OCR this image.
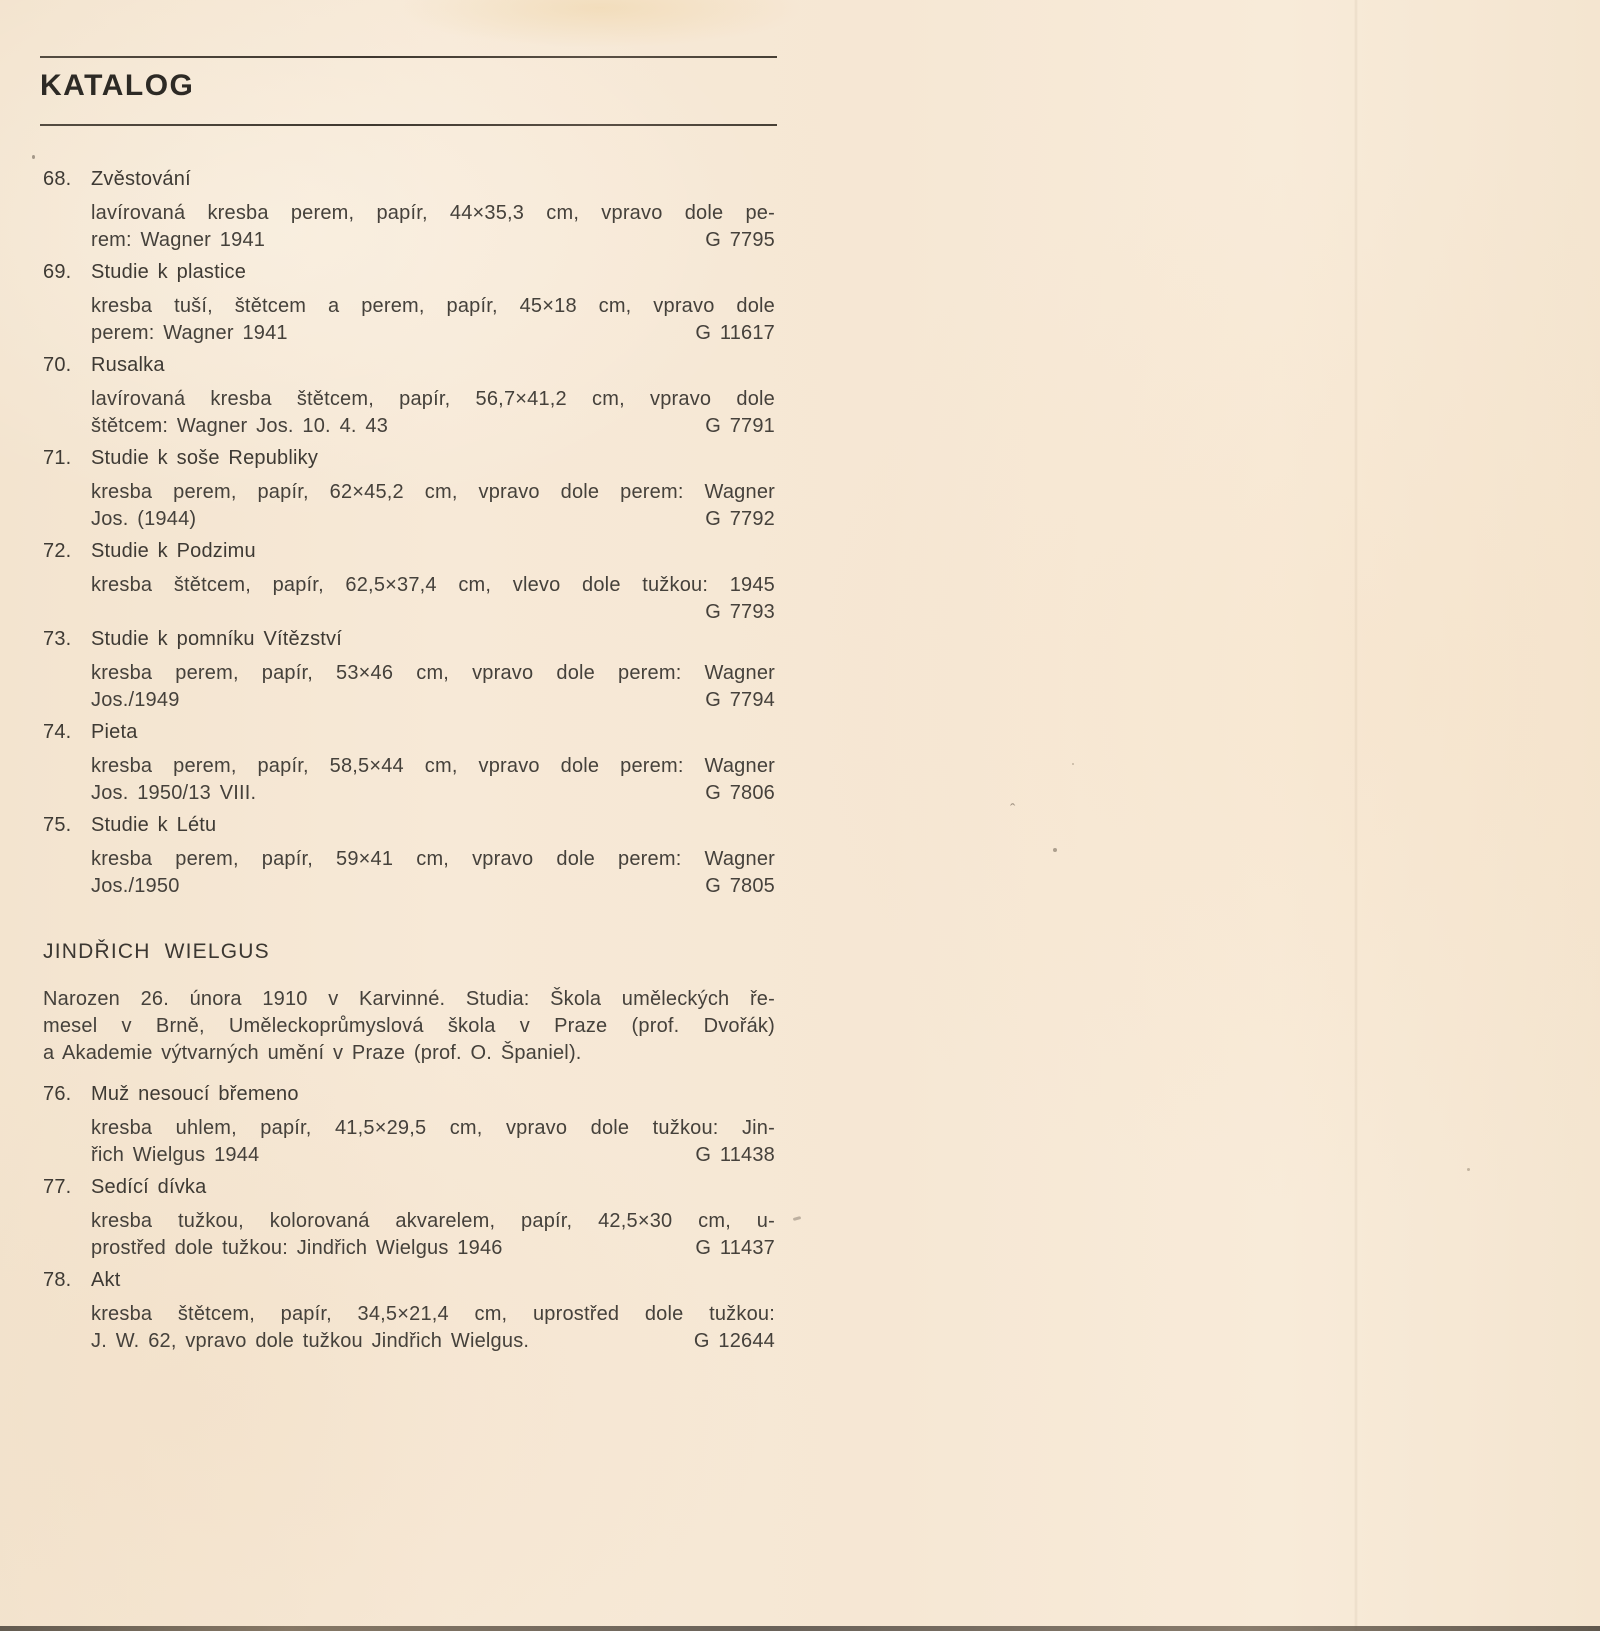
KATALOG
68. Zvěstování
lavírovaná kresba perem, papír, 44×35,3 cm, vpravo dole pe-
rem: Wagner 1941	G 7795
69. Studie k plastice
kresba tuší, štětcem a perem, papír, 45×18 cm, vpravo dole
perem: Wagner 1941	G 11617
70. Rusalka
lavírovaná kresba štětcem, papír, 56,7×41,2 cm, vpravo dole
štětcem: Wagner Jos. 10. 4. 43	G 7791
71. Studie k soše Republiky
kresba perem, papír, 62×45,2 cm, vpravo dole perem: Wagner
Jos. (1944)	G 7792
72. Studie k Podzimu
kresba štětcem, papír, 62,5×37,4 cm, vlevo dole tužkou: 1945
G 7793
73. Studie k pomníku Vítězství
kresba perem, papír, 53×46 cm, vpravo dole perem: Wagner
Jos./1949	G 7794
74. Pieta
kresba perem, papír, 58,5×44 cm, vpravo dole perem: Wagner
Jos. 1950/13 VIII.	G 7806
75. Studie k Létu
kresba perem, papír, 59×41 cm, vpravo dole perem: Wagner
Jos./1950	G 7805
JINDŘICH WIELGUS

Narozen 26. února 1910 v Karvinné. Studia: Škola uměleckých ře-
mesel v Brně, Uměleckoprůmyslová škola v Praze (prof. Dvořák)
a Akademie výtvarných umění v Praze (prof. O. Španiel).

76. Muž nesoucí břemeno
kresba uhlem, papír, 41,5×29,5 cm, vpravo dole tužkou: Jin-
řich Wielgus 1944	G 11438
77. Sedící dívka
kresba tužkou, kolorovaná akvarelem, papír, 42,5×30 cm, u-
prostřed dole tužkou: Jindřich Wielgus 1946	G 11437
78. Akt
kresba štětcem, papír, 34,5×21,4 cm, uprostřed dole tužkou:
J. W. 62, vpravo dole tužkou Jindřich Wielgus.	G 12644
ˆ
